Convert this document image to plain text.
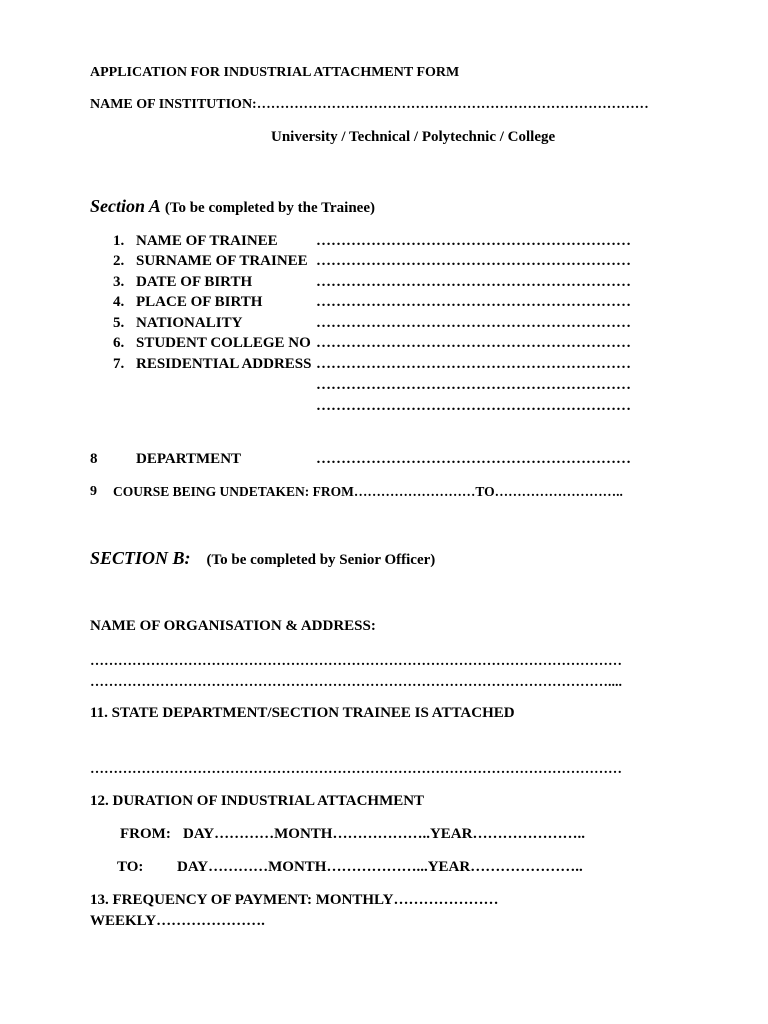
APPLICATION FOR INDUSTRIAL ATTACHMENT FORM
NAME OF INSTITUTION:…………………………………………………………………………
University / Technical / Polytechnic / College
Section A (To be completed by the Trainee)
1. NAME OF TRAINEE	………………………………………………………
2. SURNAME OF TRAINEE ………………………………………………………
3. DATE OF BIRTH	………………………………………………………
4. PLACE OF BIRTH	………………………………………………………
5. NATIONALITY	………………………………………………………
6. STUDENT COLLEGE NO ………………………………………………………
7. RESIDENTIAL ADDRESS ………………………………………………………
………………………………………………………
………………………………………………………
8	DEPARTMENT	………………………………………………………
9 COURSE BEING UNDETAKEN: FROM………………………TO………………………..
SECTION B: (To be completed by Senior Officer)
NAME OF ORGANISATION & ADDRESS:
……………………………………………………………………………………………………
…………………………………………………………………………………………………....
11. STATE DEPARTMENT/SECTION TRAINEE IS ATTACHED
……………………………………………………………………………………………………
12. DURATION OF INDUSTRIAL ATTACHMENT
FROM: DAY…………MONTH………………..YEAR…………………..
TO: DAY…………MONTH………………...YEAR…………………..
13. FREQUENCY OF PAYMENT: MONTHLY…………………
WEEKLY………………….
